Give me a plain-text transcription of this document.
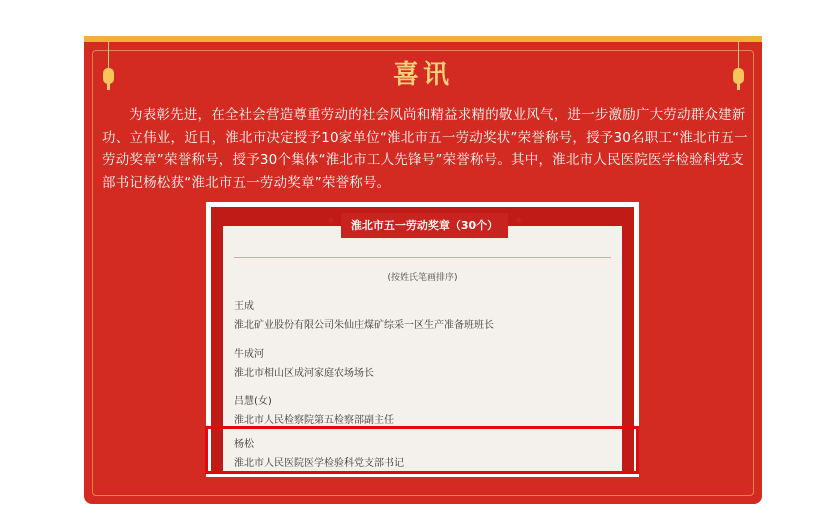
喜讯
为表彰先进，在全社会营造尊重劳动的社会风尚和精益求精的敬业风气，进一步激励广大劳动群众建新功、立伟业，近日，淮北市决定授予10家单位“淮北市五一劳动奖状”荣誉称号，授予30名职工“淮北市五一劳动奖章”荣誉称号，授予30个集体“淮北市工人先锋号”荣誉称号。其中，淮北市人民医院医学检验科党支部书记杨松获“淮北市五一劳动奖章”荣誉称号。
★	淮北市五一劳动奖章（30个）	★
(按姓氏笔画排序)
王成
淮北矿业股份有限公司朱仙庄煤矿综采一区生产准备班班长
牛成河
淮北市相山区成河家庭农场场长
吕慧(女)
淮北市人民检察院第五检察部副主任
杨松
淮北市人民医院医学检验科党支部书记
